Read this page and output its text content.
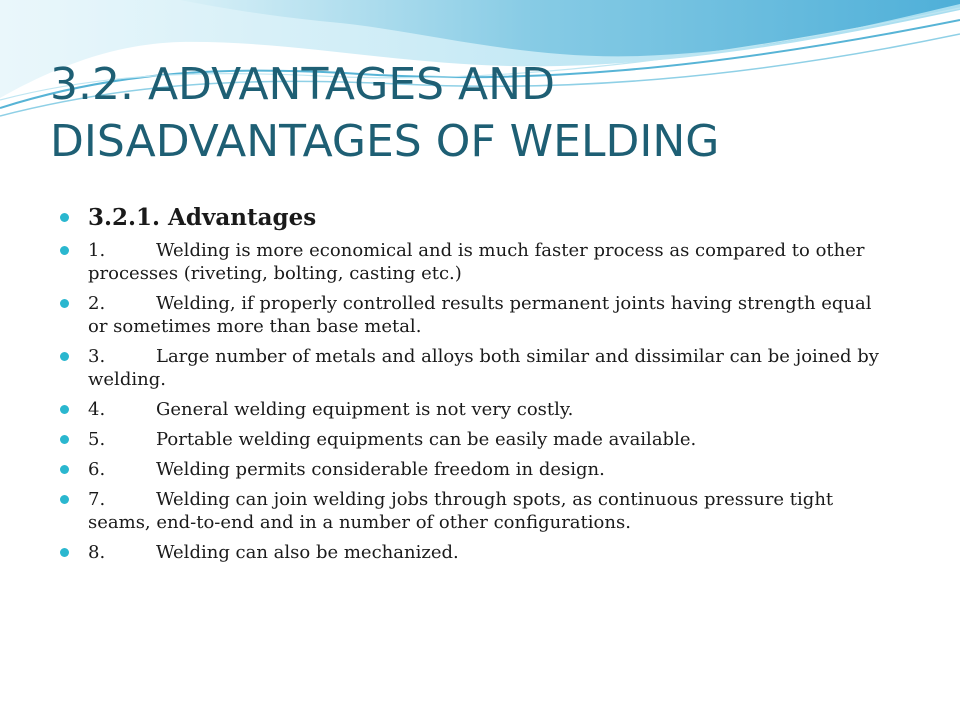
3.2. ADVANTAGES AND
DISADVANTAGES OF WELDING
3.2.1. Advantages
1.	Welding is more economical and is much faster process as compared to other processes (riveting, bolting, casting etc.)
2.	Welding, if properly controlled results permanent joints having strength equal or sometimes more than base metal.
3.	Large number of metals and alloys both similar and dissimilar can be joined by welding.
4.	General welding equipment is not very costly.
5.	Portable welding equipments can be easily made available.
6.	Welding permits considerable freedom in design.
7.	Welding can join welding jobs through spots, as continuous pressure tight seams, end-to-end and in a number of other configurations.
8.	Welding can also be mechanized.
